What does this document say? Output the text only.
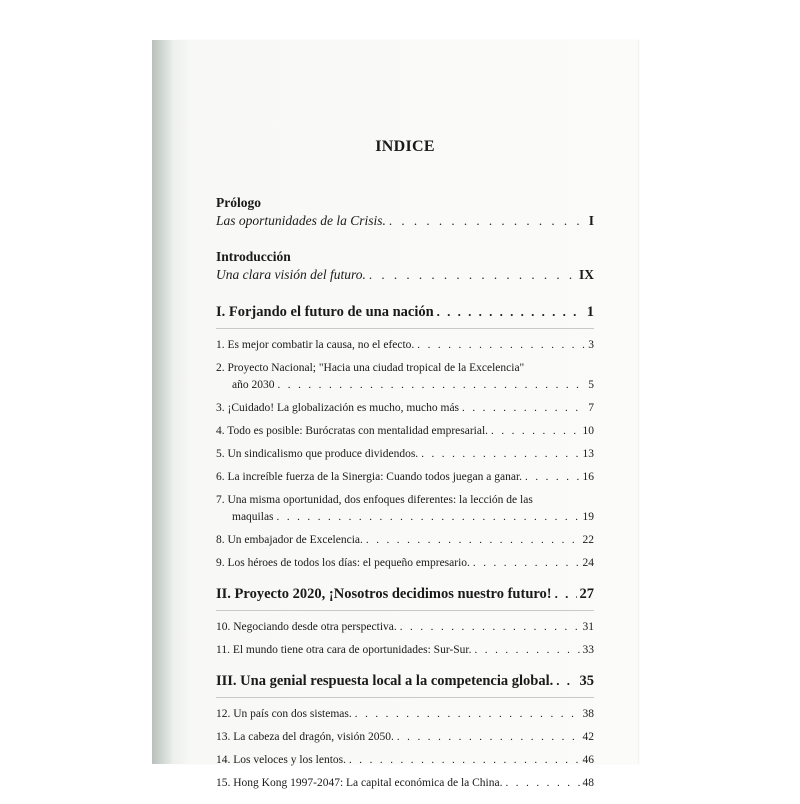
INDICE
Prólogo
Las oportunidades de la Crisis. . . .	I
Introducción
Una clara visión del futuro. . . .	IX
I. Forjando el futuro de una nación . . .	1
1. Es mejor combatir la causa, no el efecto. . . .	3
2. Proyecto Nacional; "Hacia una ciudad tropical de la Excelencia"
año 2030 . . .	5
3. ¡Cuidado! La globalización es mucho, mucho más . . .	7
4. Todo es posible: Burócratas con mentalidad empresarial. . . .	10
5. Un sindicalismo que produce dividendos. . . .	13
6. La increíble fuerza de la Sinergia: Cuando todos juegan a ganar. . . .	16
7. Una misma oportunidad, dos enfoques diferentes: la lección de las
maquilas . . .	19
8. Un embajador de Excelencia. . . .	22
9. Los héroes de todos los días: el pequeño empresario. . . .	24
II. Proyecto 2020, ¡Nosotros decidimos nuestro futuro! . . . 27
10. Negociando desde otra perspectiva. . . .	31
11. El mundo tiene otra cara de oportunidades: Sur-Sur. . . .	33
III. Una genial respuesta local a la competencia global. . . . 35
12. Un país con dos sistemas. . . .	38
13. La cabeza del dragón, visión 2050. . . .	42
14. Los veloces y los lentos. . . .	46
15. Hong Kong 1997-2047: La capital económica de la China. . . .	48
